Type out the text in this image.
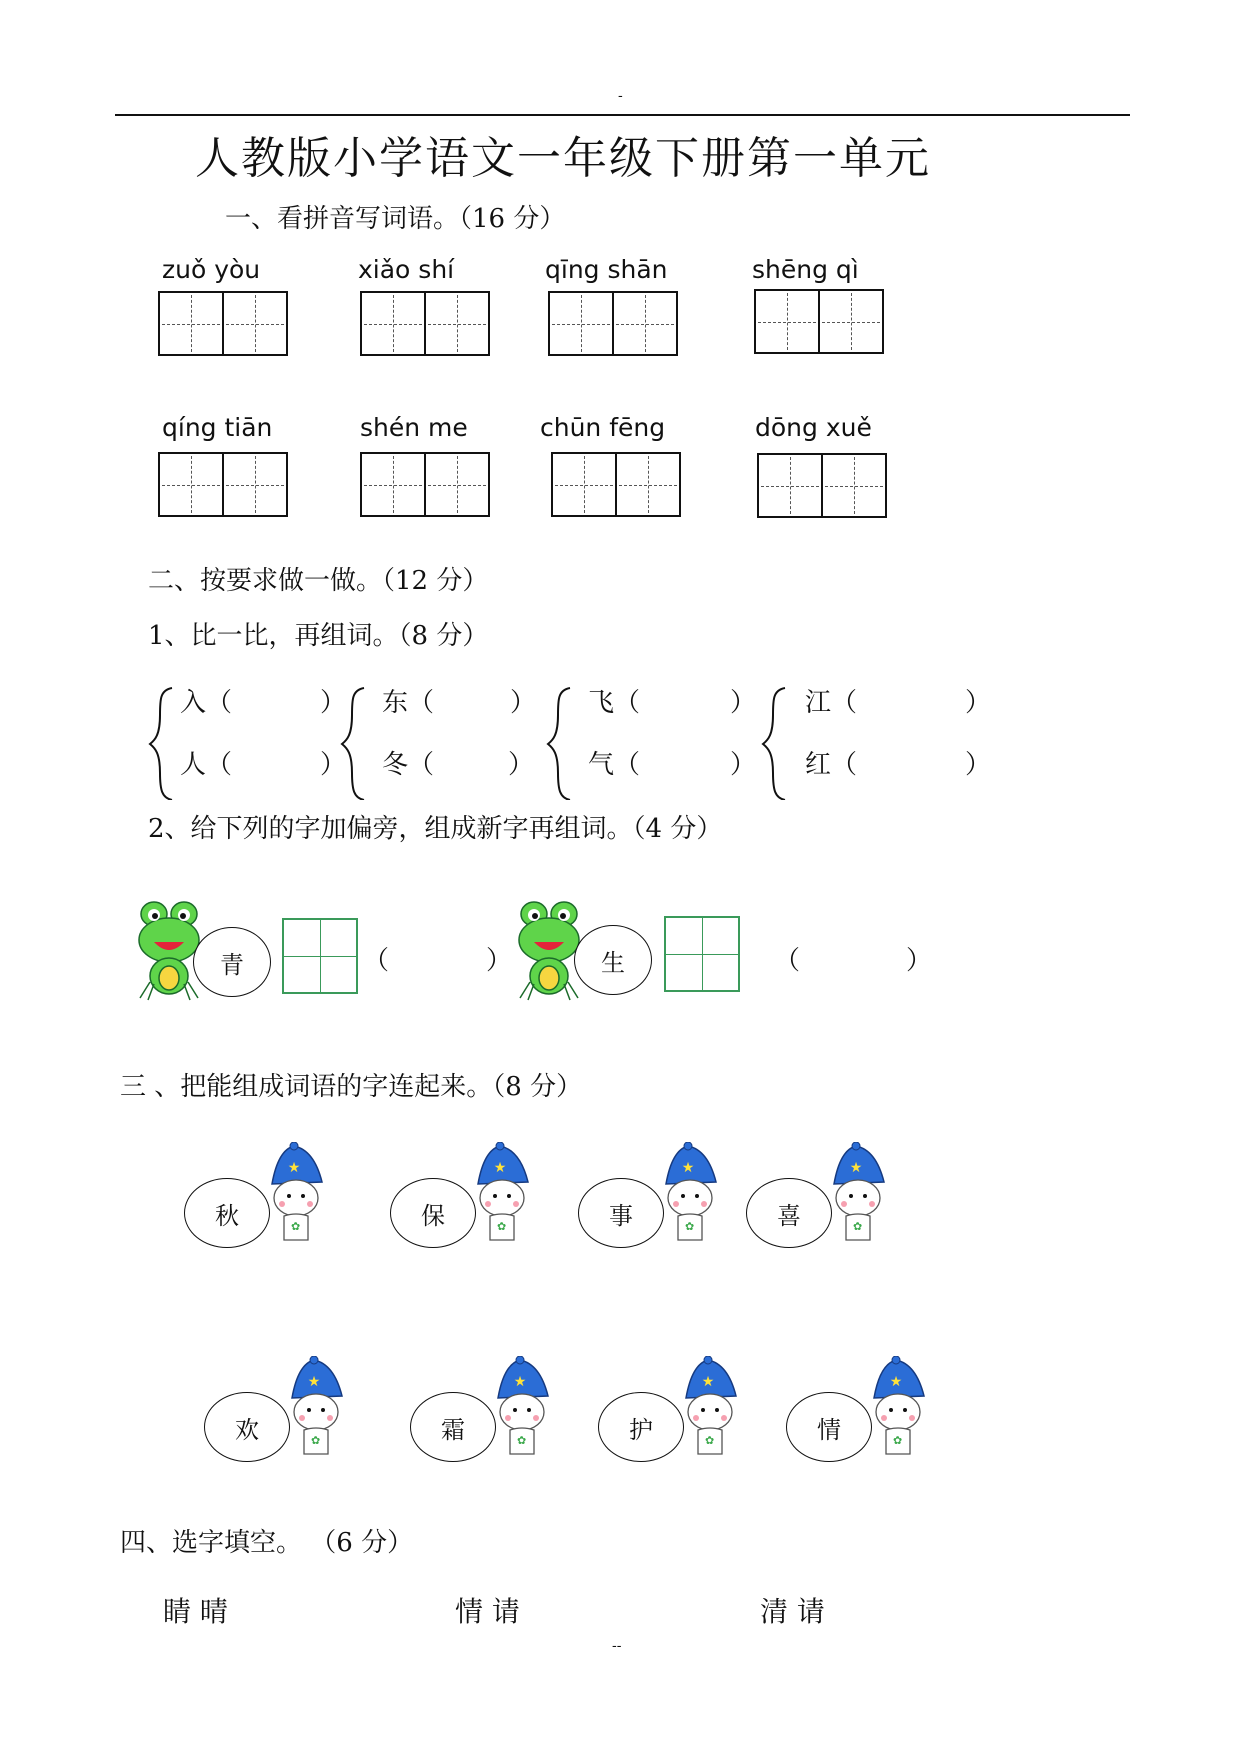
-
人教版小学语文一年级下册第一单元
一、看拼音写词语。（16 分）
zuǒ yòu	xiǎo shí	qīng shān	shēng qì
qíng tiān	shén me	chūn fēng	dōng xuě
二、按要求做一做。（12 分）
1、比一比，再组词。（8 分）
入（	）
人（	）
东（	）
冬（	）
飞（	）
气（	）
江（	）
红（	）
2、给下列的字加偏旁，组成新字再组词。（4 分）
青	（	）	生	（	）
三 、把能组成词语的字连起来。（8 分）
秋
★
✿	保
★
✿	事
★
✿	喜
★
✿
欢
★
✿	霜
★
✿	护
★
✿	情
★
✿
四、选字填空。 （6 分）
睛 晴	情 请	清 请
--
